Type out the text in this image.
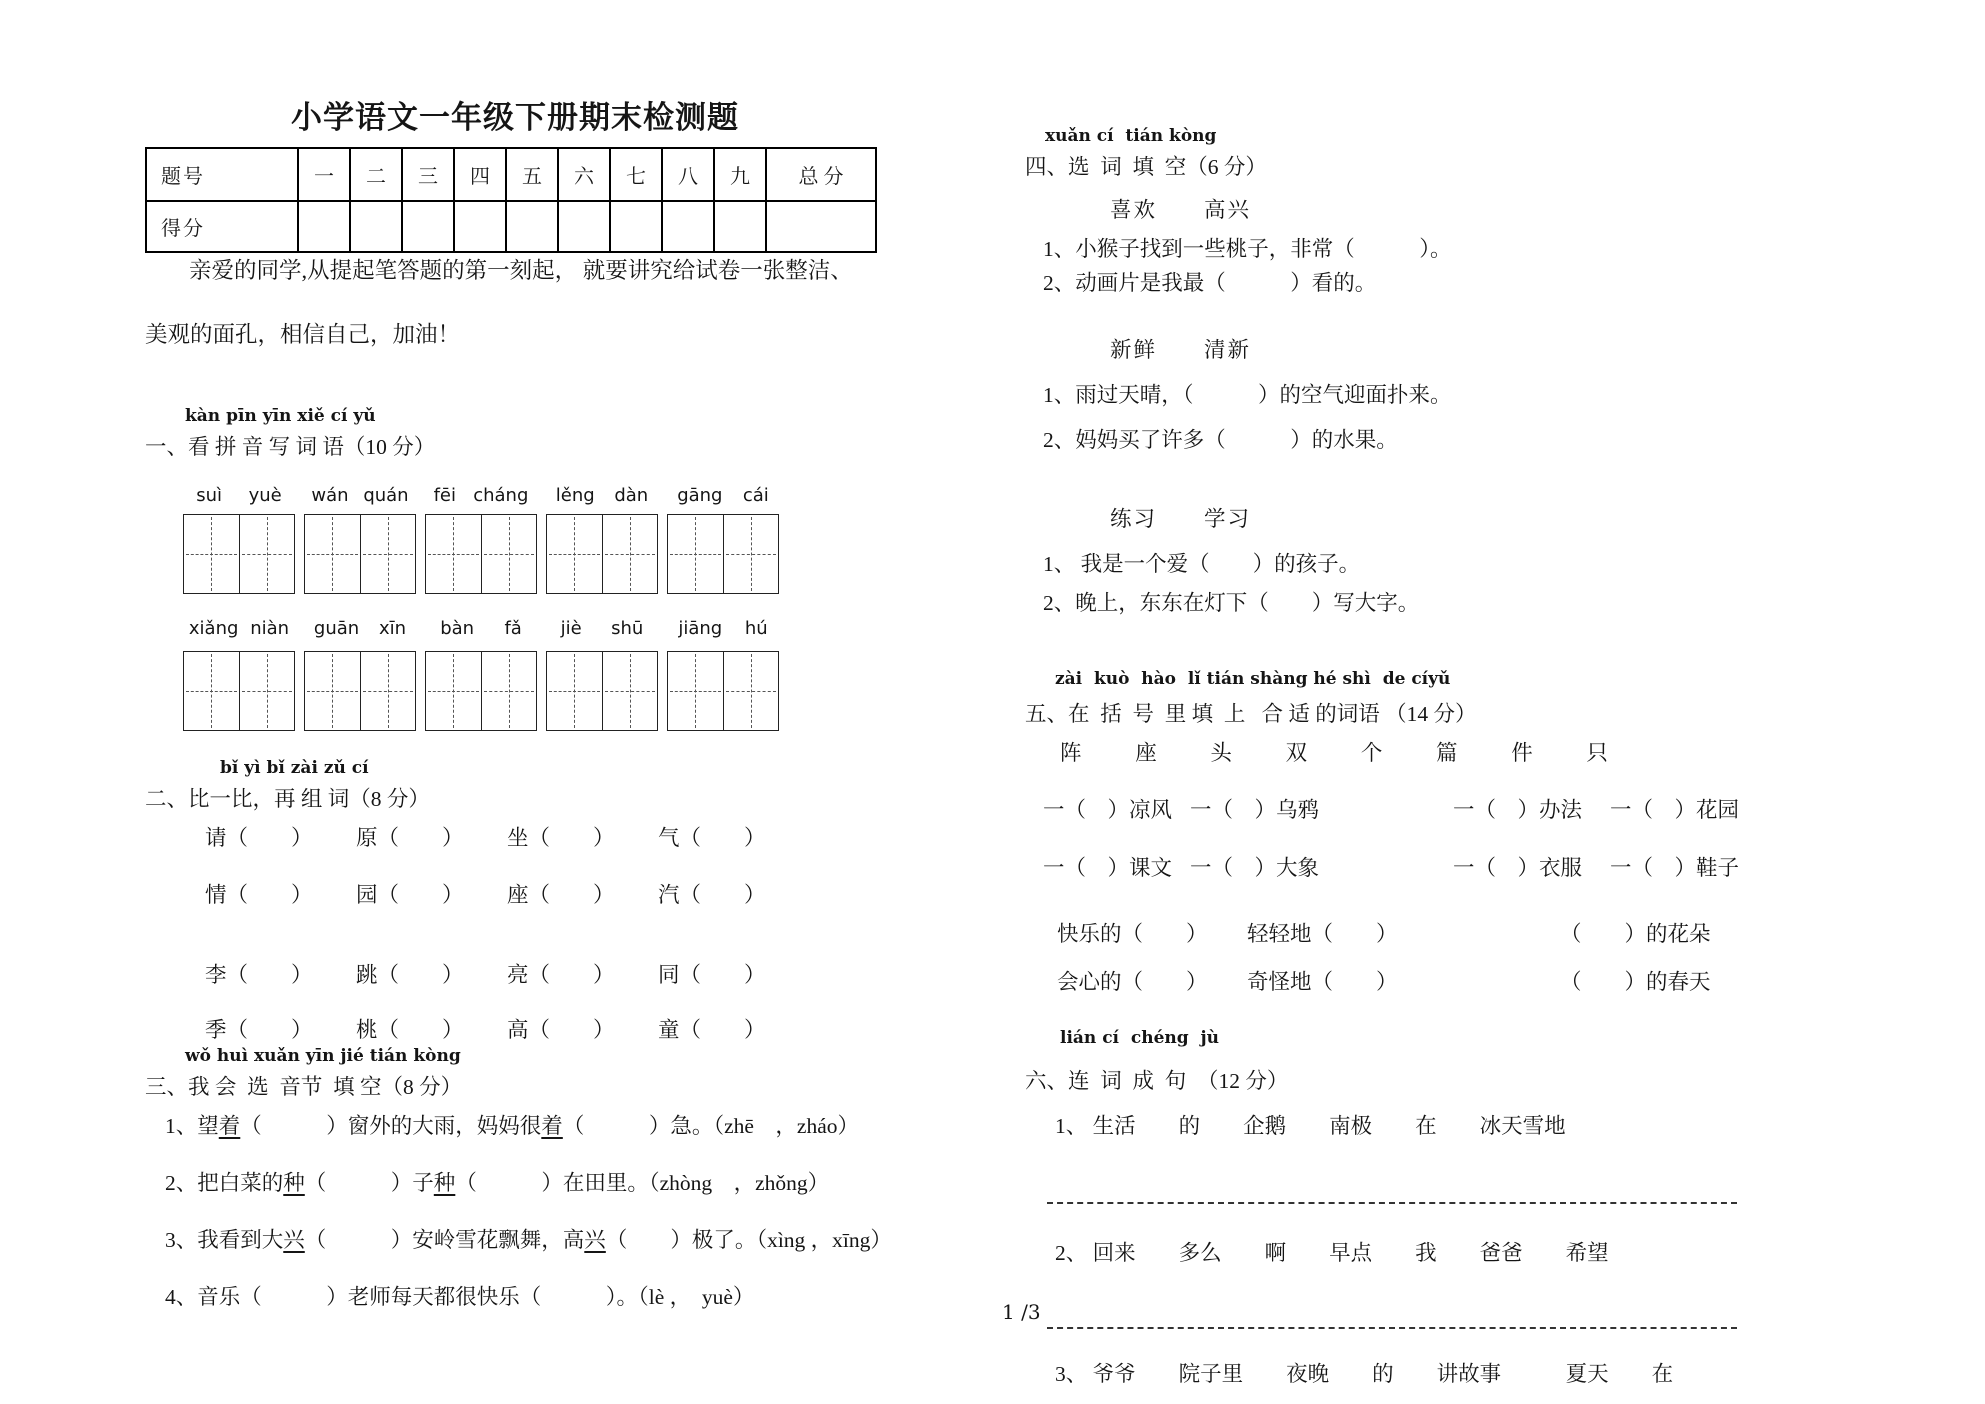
小学语文一年级下册期末检测题
题号	一	二	三	四	五	六	七	八	九	总 分
得分
亲爱的同学,从提起笔答题的第一刻起， 就要讲究给试卷一张整洁、
美观的面孔，相信自己，加油！
kàn pīn yīn xiě cí yǔ
一、看 拼 音 写 词 语（10 分）
suì yuè wán quán fēi cháng lěng dàn gāng cái
xiǎng niàn guān xīn bàn fǎ jiè shū jiāng hú
bǐ yì bǐ zài zǔ cí
二、比一比，再 组 词（8 分）
请（　　）	原（　　）	坐（　　）	气（　　）
情（　　）	园（　　）	座（　　）	汽（　　）
李（　　）	跳（　　）	亮（　　）	同（　　）
季（　　）	桃（　　）	高（　　）	童（　　）
wǒ huì xuǎn yīn jié tián kòng
三、我 会  选  音节  填 空（8 分）
1、望着（　　　）窗外的大雨，妈妈很着（　　　）急。（zhē　，zháo）
2、把白菜的种（　　　）子种（　　　）在田里。（zhòng　，zhǒng）
3、我看到大兴（　　　）安岭雪花飘舞，高兴（　　）极了。（xìng ，xīng）
4、音乐（　　　）老师每天都很快乐（　　　）。（lè ，　yuè）
xuǎn cí  tián kòng
四、选  词  填  空（6 分）
喜欢　　高兴
1、小猴子找到一些桃子，非常（　　　）。
2、动画片是我最（　　　）看的。
新鲜　　清新
1、雨过天晴，（　　　）的空气迎面扑来。
2、妈妈买了许多（　　　）的水果。
练习　　学习
1、 我是一个爱（　　）的孩子。
2、晚上，东东在灯下（　　）写大字。
zài  kuò  hào  lǐ tián shàng hé shì  de cíyǔ
五、在  括  号  里 填  上   合 适 的词语 （14 分）
阵 座 头 双 个 篇 件 只
一（　）凉风 一（　）乌鸦	一（　）办法	一（　）花园
一（　）课文 一（　）大象	一（　）衣服	一（　）鞋子
快乐的（　　）	轻轻地（　　）	（　　）的花朵
会心的（　　）	奇怪地（　　）	（　　）的春天
lián cí  chéng  jù
六、连  词  成  句  （12 分）
1、 生活　　的　　企鹅　　南极　　在　　冰天雪地
2、 回来　　多么　　啊　　早点　　我　　爸爸　　希望
3、 爷爷　　院子里　　夜晚　　的　　讲故事　　　夏天　　在
1 /3
